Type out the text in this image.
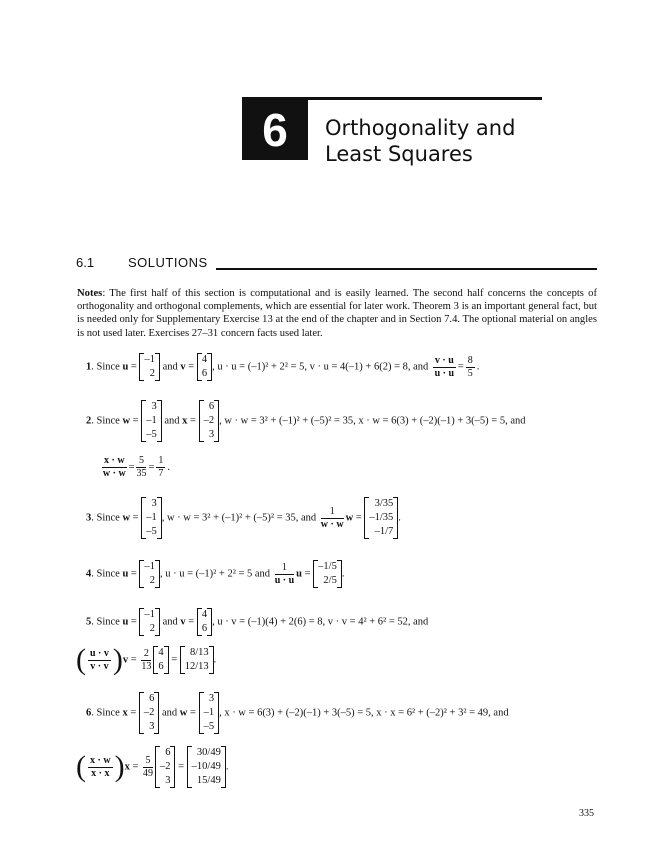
6	Orthogonality and
Least Squares
6.1	SOLUTIONS
Notes: The first half of this section is computational and is easily learned. The second half concerns the concepts of orthogonality and orthogonal complements, which are essential for later work. Theorem 3 is an important general fact, but is needed only for Supplementary Exercise 13 at the end of the chapter and in Section 7.4. The optional material on angles is not used later. Exercises 27–31 concern facts used later.
1. Since u =
–1
2
and v =
4
6
, u · u = (–1)² + 2² = 5, v · u = 4(–1) + 6(2) = 8, and $\frac{v \cdot u}{u \cdot u} = \frac{8}{5}$ .
2. Since w =
3
–1
–5
and x =
6
–2
3
, w · w = 3² + (–1)² + (–5)² = 35, x · w = 6(3) + (–2)(–1) + 3(–5) = 5, and
$\frac{x \cdot w}{w \cdot w} = \frac{5}{35} = \frac{1}{7}$ .
3. Since w =
3
–1
–5
, w · w = 3² + (–1)² + (–5)² = 35, and $\frac{1}{w \cdot w}$ w =
3/35
–1/35
–1/7
.
4. Since u =
–1
2
, u · u = (–1)² + 2² = 5 and $\frac{1}{u \cdot u}$ u =
–1/5
2/5
.
5. Since u =
–1
2
and v =
4
6
, u · v = (–1)(4) + 2(6) = 8, v · v = 4² + 6² = 52, and
( $\frac{u \cdot v}{v \cdot v} )v = \frac{2}{13} 4$
6
=
8/13
12/13
.
6. Since x =
6
–2
3
and w =
3
–1
–5
, x · w = 6(3) + (–2)(–1) + 3(–5) = 5, x · x = 6² + (–2)² + 3² = 49, and
( $\frac{x \cdot w}{x \cdot x} )x = \frac{5}{49}$
6
–2
3
=
30/49
–10/49
15/49
.
335
